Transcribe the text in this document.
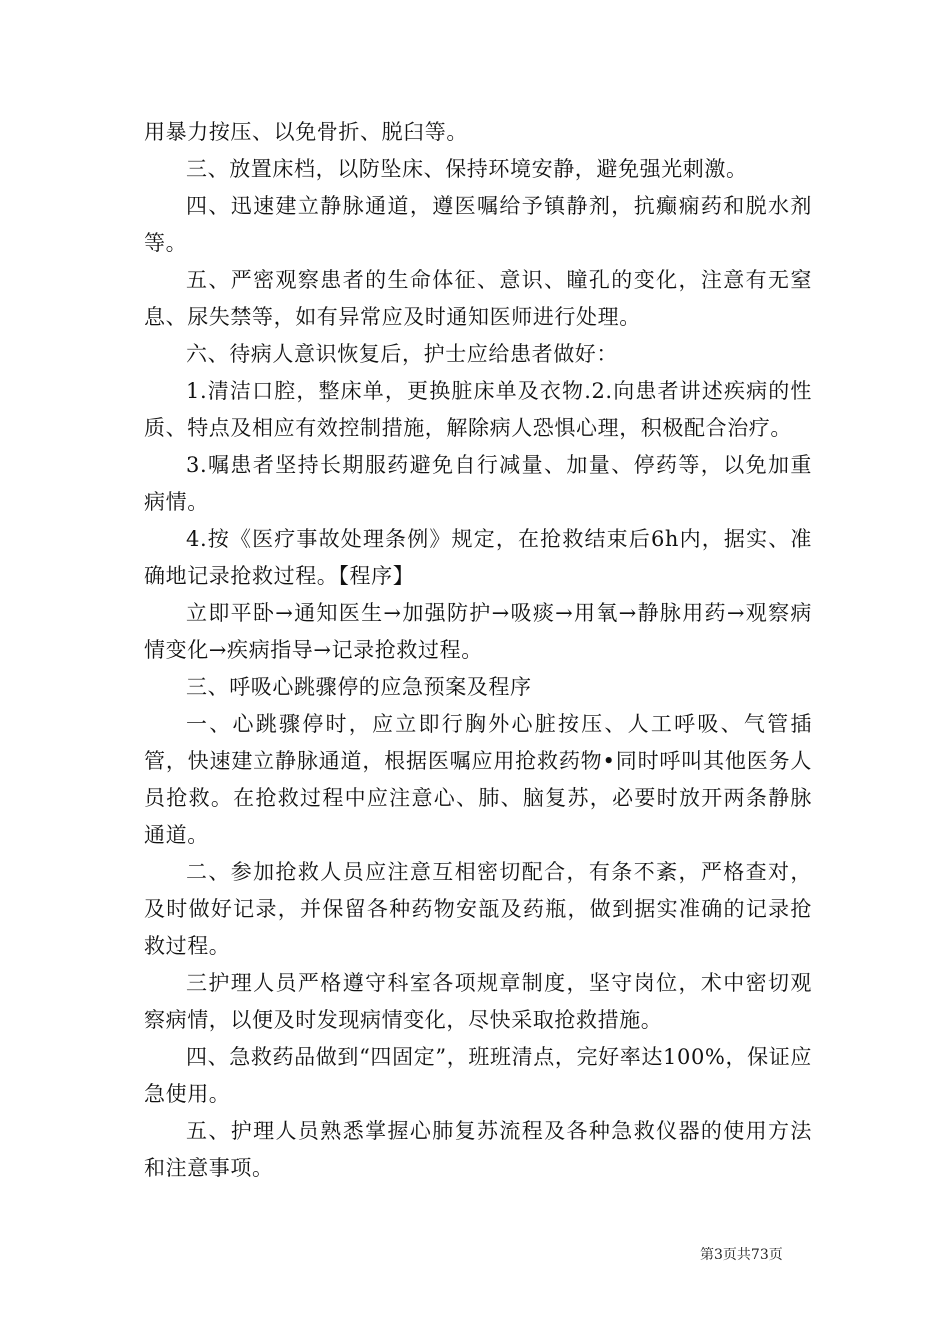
用暴力按压、以免骨折、脱臼等。

三、放置床档，以防坠床、保持环境安静，避免强光刺激。

四、迅速建立静脉通道，遵医嘱给予镇静剂，抗癫痫药和脱水剂等。

五、严密观察患者的生命体征、意识、瞳孔的变化，注意有无窒息、尿失禁等，如有异常应及时通知医师进行处理。

六、待病人意识恢复后，护士应给患者做好：

1.清洁口腔，整床单，更换脏床单及衣物.2.向患者讲述疾病的性质、特点及相应有效控制措施，解除病人恐惧心理，积极配合治疗。

3.嘱患者坚持长期服药避免自行减量、加量、停药等，以免加重病情。

4.按《医疗事故处理条例》规定，在抢救结束后6h内，据实、准确地记录抢救过程。【程序】

立即平卧→通知医生→加强防护→吸痰→用氧→静脉用药→观察病情变化→疾病指导→记录抢救过程。

三、呼吸心跳骤停的应急预案及程序

一、心跳骤停时，应立即行胸外心脏按压、人工呼吸、气管插管，快速建立静脉通道，根据医嘱应用抢救药物•同时呼叫其他医务人员抢救。在抢救过程中应注意心、肺、脑复苏，必要时放开两条静脉通道。

二、参加抢救人员应注意互相密切配合，有条不紊，严格查对，及时做好记录，并保留各种药物安瓿及药瓶，做到据实准确的记录抢救过程。

三护理人员严格遵守科室各项规章制度，坚守岗位，术中密切观察病情，以便及时发现病情变化，尽快采取抢救措施。

四、急救药品做到“四固定”，班班清点，完好率达100%，保证应急使用。

五、护理人员熟悉掌握心肺复苏流程及各种急救仪器的使用方法和注意事项。

第3页共73页
